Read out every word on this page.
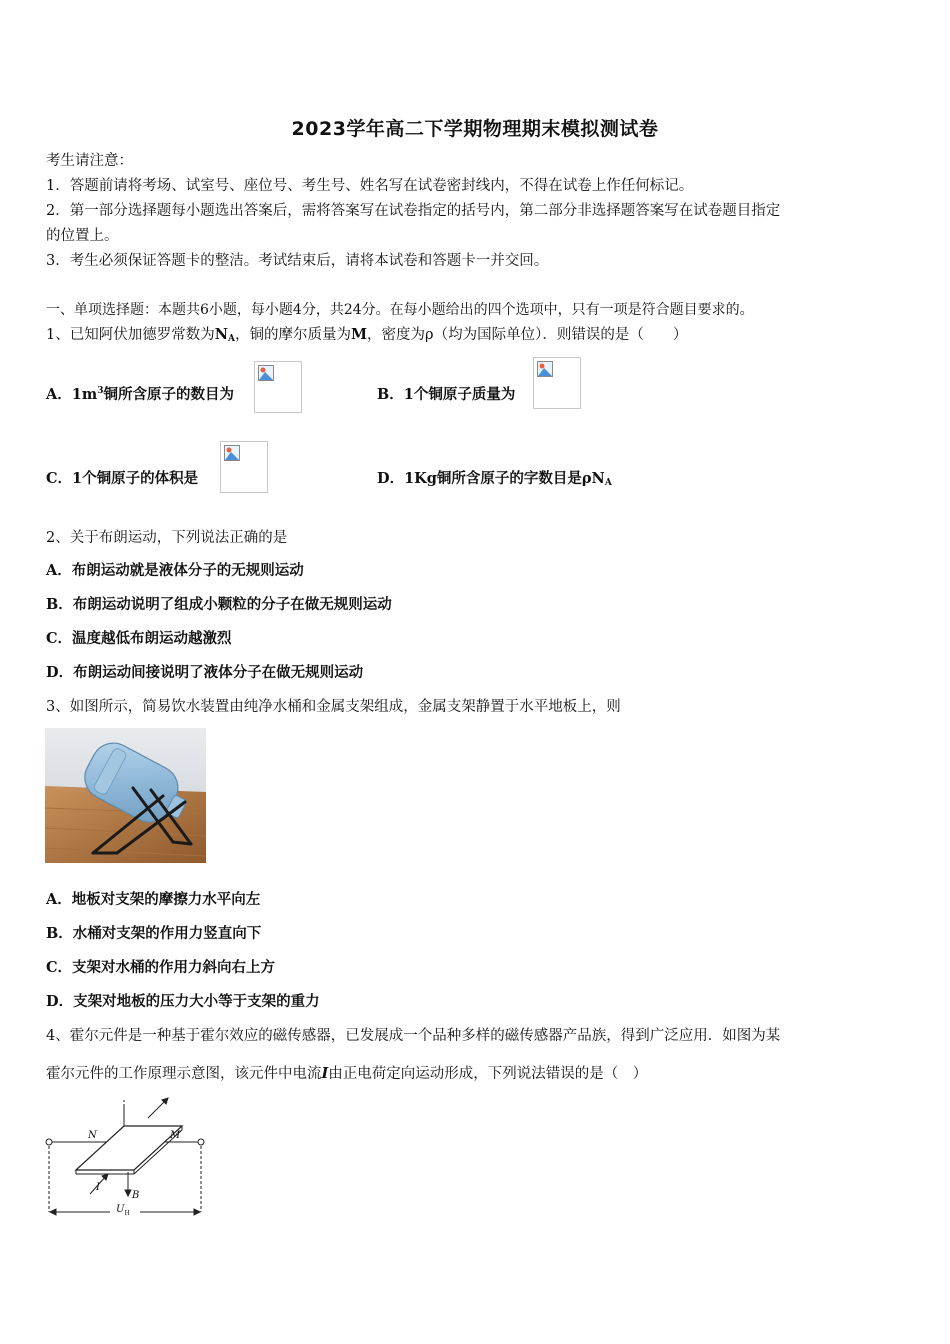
2023学年高二下学期物理期末模拟测试卷
考生请注意：
1．答题前请将考场、试室号、座位号、考生号、姓名写在试卷密封线内，不得在试卷上作任何标记。
2．第一部分选择题每小题选出答案后，需将答案写在试卷指定的括号内，第二部分非选择题答案写在试卷题目指定
的位置上。
3．考生必须保证答题卡的整洁。考试结束后，请将本试卷和答题卡一并交回。
一、单项选择题：本题共6小题，每小题4分，共24分。在每小题给出的四个选项中，只有一项是符合题目要求的。
1、已知阿伏加德罗常数为$N_A$，铜的摩尔质量为M，密度为ρ（均为国际单位）．则错误的是（　　）
A．$1m^3$铜所含原子的数目为	B．1个铜原子质量为
C．1个铜原子的体积是	D．1Kg铜所含原子的字数目是$\rho N_A$
2、关于布朗运动，下列说法正确的是
A．布朗运动就是液体分子的无规则运动
B．布朗运动说明了组成小颗粒的分子在做无规则运动
C．温度越低布朗运动越激烈
D．布朗运动间接说明了液体分子在做无规则运动
3、如图所示，简易饮水装置由纯净水桶和金属支架组成，金属支架静置于水平地板上，则
A．地板对支架的摩擦力水平向左
B．水桶对支架的作用力竖直向下
C．支架对水桶的作用力斜向右上方
D．支架对地板的压力大小等于支架的重力
4、霍尔元件是一种基于霍尔效应的磁传感器，已发展成一个品种多样的磁传感器产品族，得到广泛应用．如图为某
霍尔元件的工作原理示意图，该元件中电流I由正电荷定向运动形成，下列说法错误的是（　）
N	M
I
B
$U_H$
